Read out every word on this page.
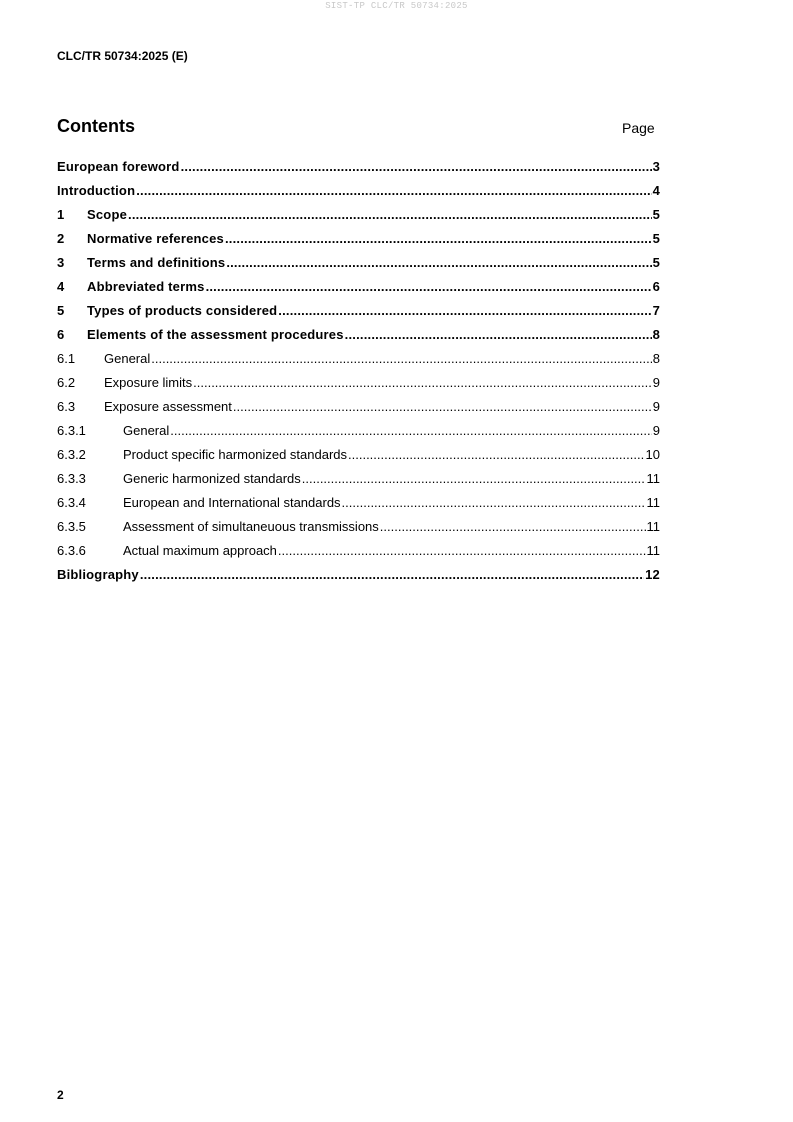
SIST-TP CLC/TR 50734:2025
CLC/TR 50734:2025 (E)
Contents	Page
European foreword .....	3
Introduction .....	4
1	Scope .....	5
2	Normative references .....	5
3	Terms and definitions .....	5
4	Abbreviated terms .....	6
5	Types of products considered .....	7
6	Elements of the assessment procedures .....	8
6.1	General .....	8
6.2	Exposure limits .....	9
6.3	Exposure assessment .....	9
6.3.1	General .....	9
6.3.2	Product specific harmonized standards .....	10
6.3.3	Generic harmonized standards .....	11
6.3.4	European and International standards .....	11
6.3.5	Assessment of simultaneuous transmissions .....	11
6.3.6	Actual maximum approach .....	11
Bibliography .....	12
2
